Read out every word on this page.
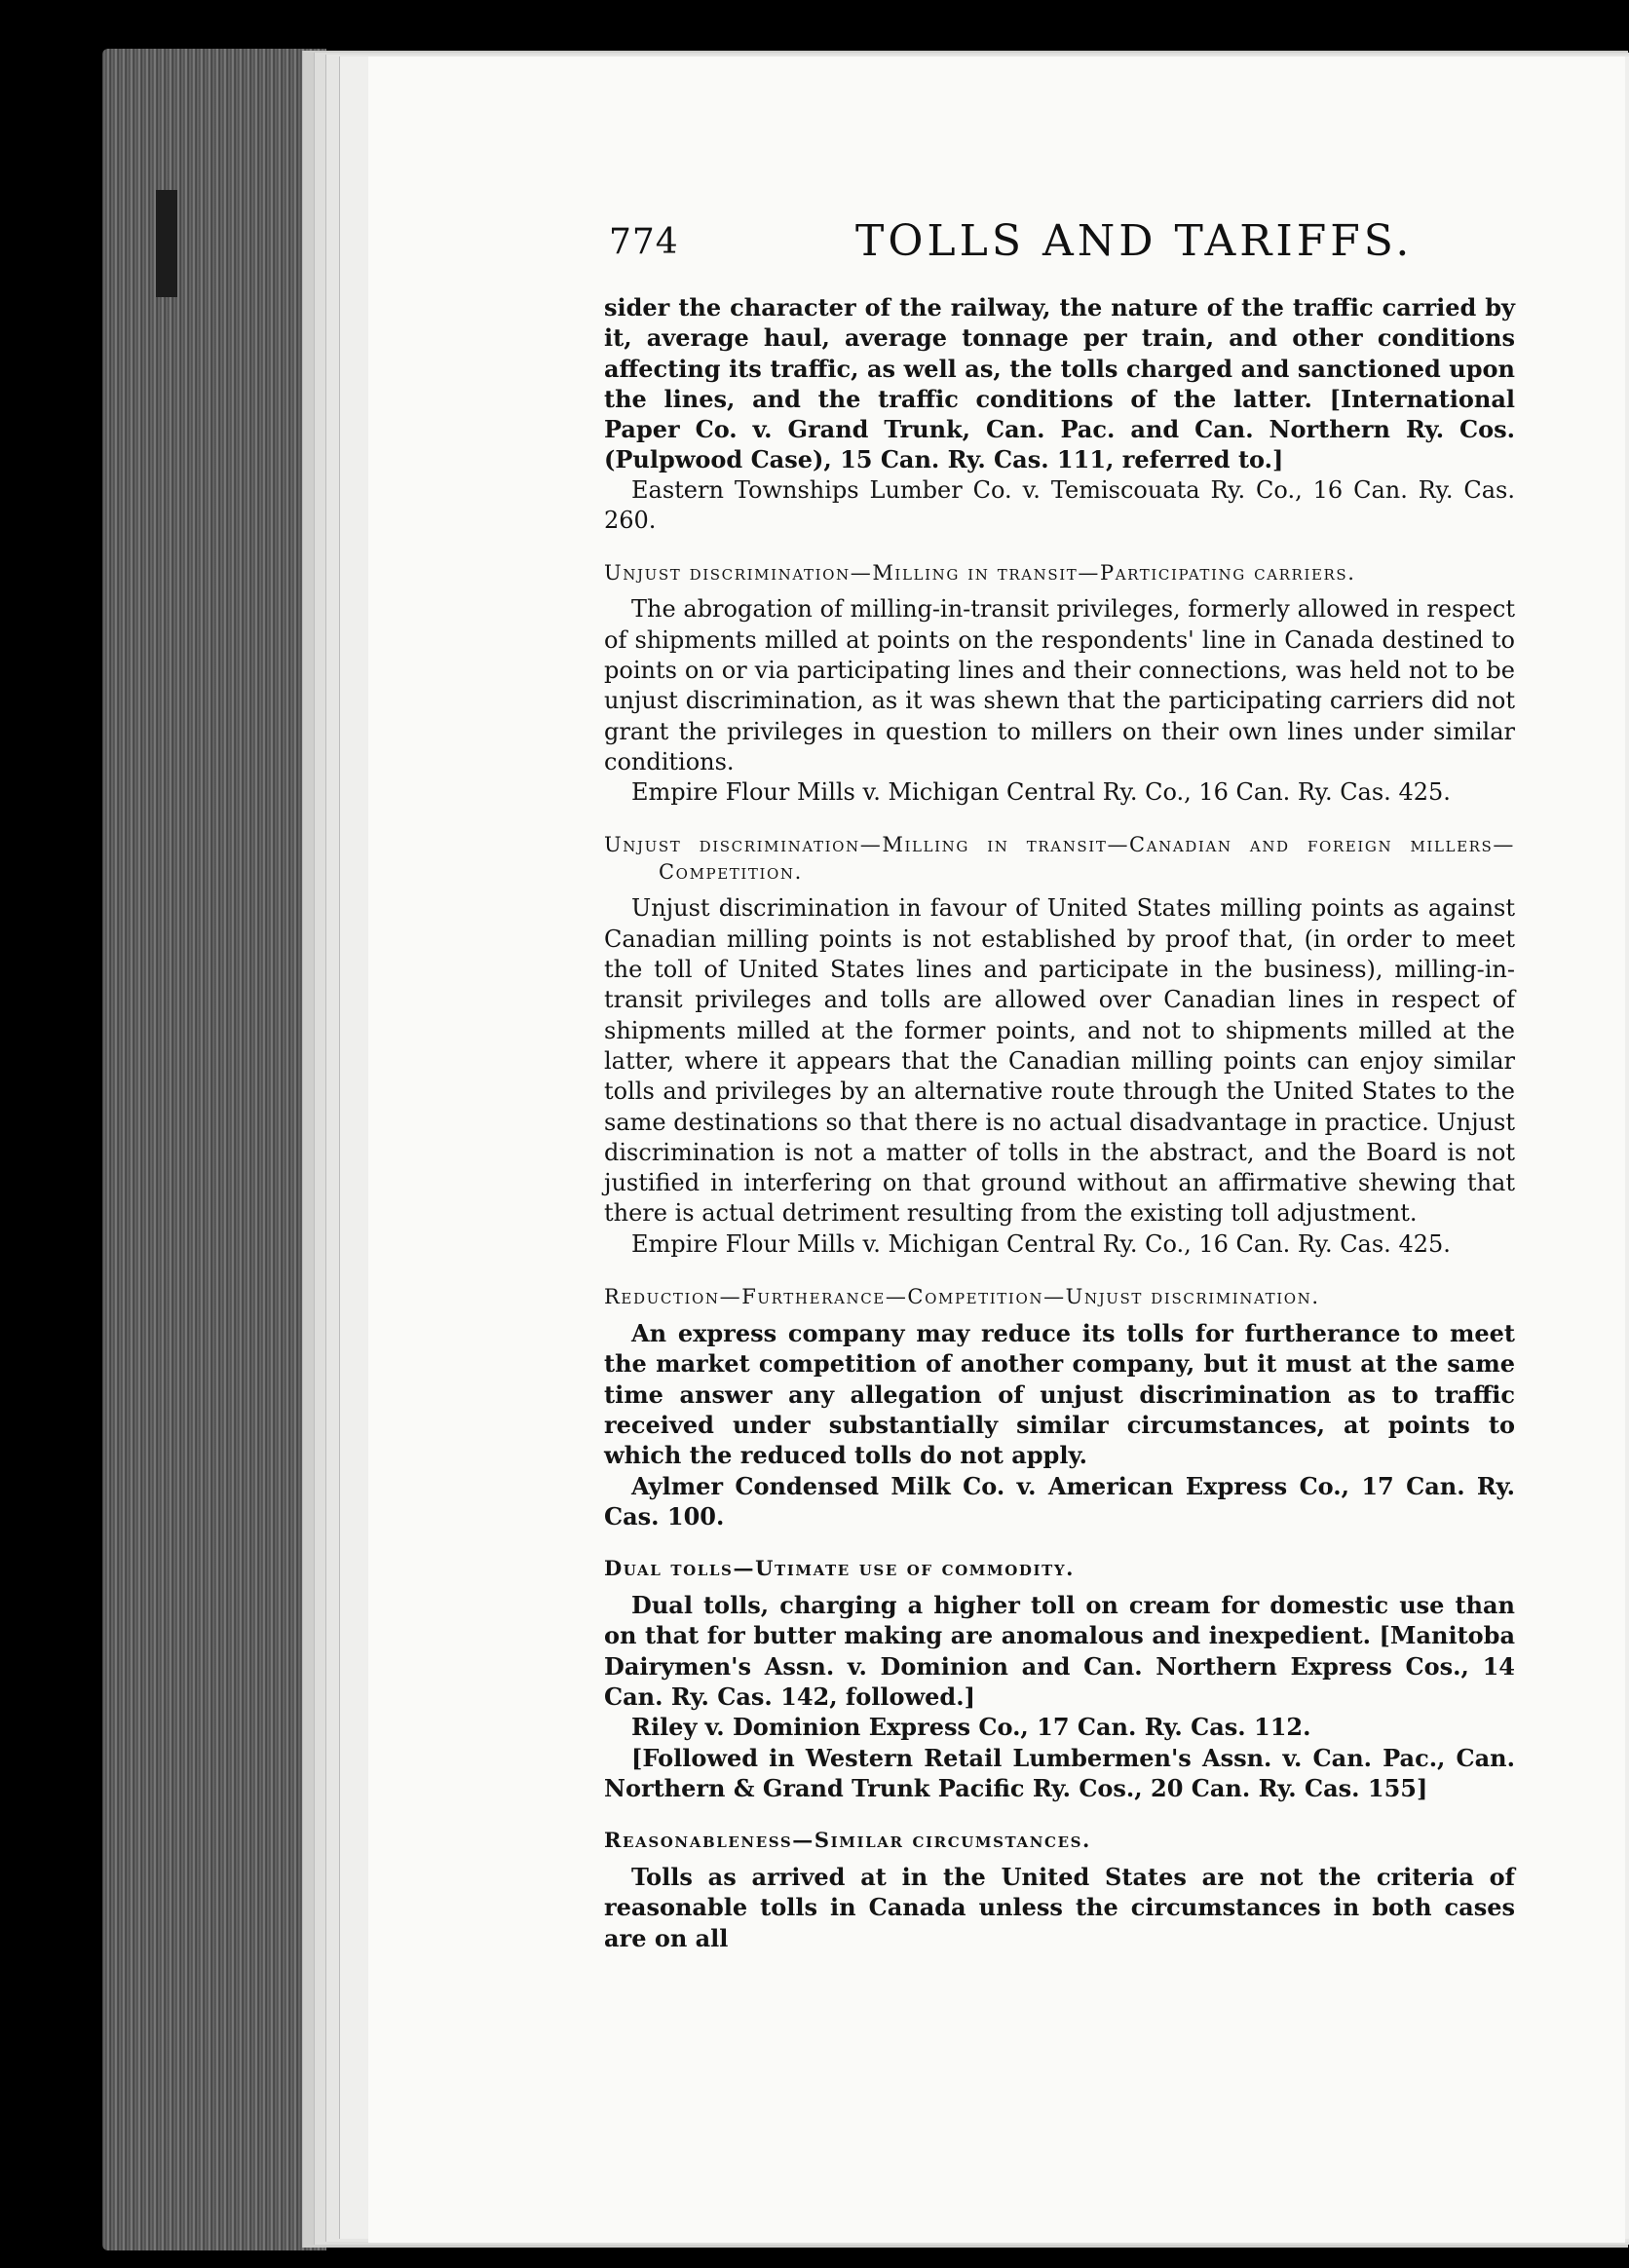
774	TOLLS AND TARIFFS.

sider the character of the railway, the nature of the traffic carried by it, average haul, average tonnage per train, and other conditions affecting its traffic, as well as, the tolls charged and sanctioned upon the lines, and the traffic conditions of the latter. [International Paper Co. v. Grand Trunk, Can. Pac. and Can. Northern Ry. Cos. (Pulpwood Case), 15 Can. Ry. Cas. 111, referred to.]

Eastern Townships Lumber Co. v. Temiscouata Ry. Co., 16 Can. Ry. Cas. 260.

Unjust discrimination—Milling in transit—Participating carriers.

The abrogation of milling-in-transit privileges, formerly allowed in respect of shipments milled at points on the respondents' line in Canada destined to points on or via participating lines and their connections, was held not to be unjust discrimination, as it was shewn that the participating carriers did not grant the privileges in question to millers on their own lines under similar conditions.

Empire Flour Mills v. Michigan Central Ry. Co., 16 Can. Ry. Cas. 425.

Unjust discrimination—Milling in transit—Canadian and foreign millers—Competition.

Unjust discrimination in favour of United States milling points as against Canadian milling points is not established by proof that, (in order to meet the toll of United States lines and participate in the business), milling-in-transit privileges and tolls are allowed over Canadian lines in respect of shipments milled at the former points, and not to shipments milled at the latter, where it appears that the Canadian milling points can enjoy similar tolls and privileges by an alternative route through the United States to the same destinations so that there is no actual disadvantage in practice. Unjust discrimination is not a matter of tolls in the abstract, and the Board is not justified in interfering on that ground without an affirmative shewing that there is actual detriment resulting from the existing toll adjustment.

Empire Flour Mills v. Michigan Central Ry. Co., 16 Can. Ry. Cas. 425.

Reduction—Furtherance—Competition—Unjust discrimination.

An express company may reduce its tolls for furtherance to meet the market competition of another company, but it must at the same time answer any allegation of unjust discrimination as to traffic received under substantially similar circumstances, at points to which the reduced tolls do not apply.

Aylmer Condensed Milk Co. v. American Express Co., 17 Can. Ry. Cas. 100.

Dual tolls—Utimate use of commodity.

Dual tolls, charging a higher toll on cream for domestic use than on that for butter making are anomalous and inexpedient. [Manitoba Dairymen's Assn. v. Dominion and Can. Northern Express Cos., 14 Can. Ry. Cas. 142, followed.]

Riley v. Dominion Express Co., 17 Can. Ry. Cas. 112.

[Followed in Western Retail Lumbermen's Assn. v. Can. Pac., Can. Northern & Grand Trunk Pacific Ry. Cos., 20 Can. Ry. Cas. 155]

Reasonableness—Similar circumstances.

Tolls as arrived at in the United States are not the criteria of reasonable tolls in Canada unless the circumstances in both cases are on all
